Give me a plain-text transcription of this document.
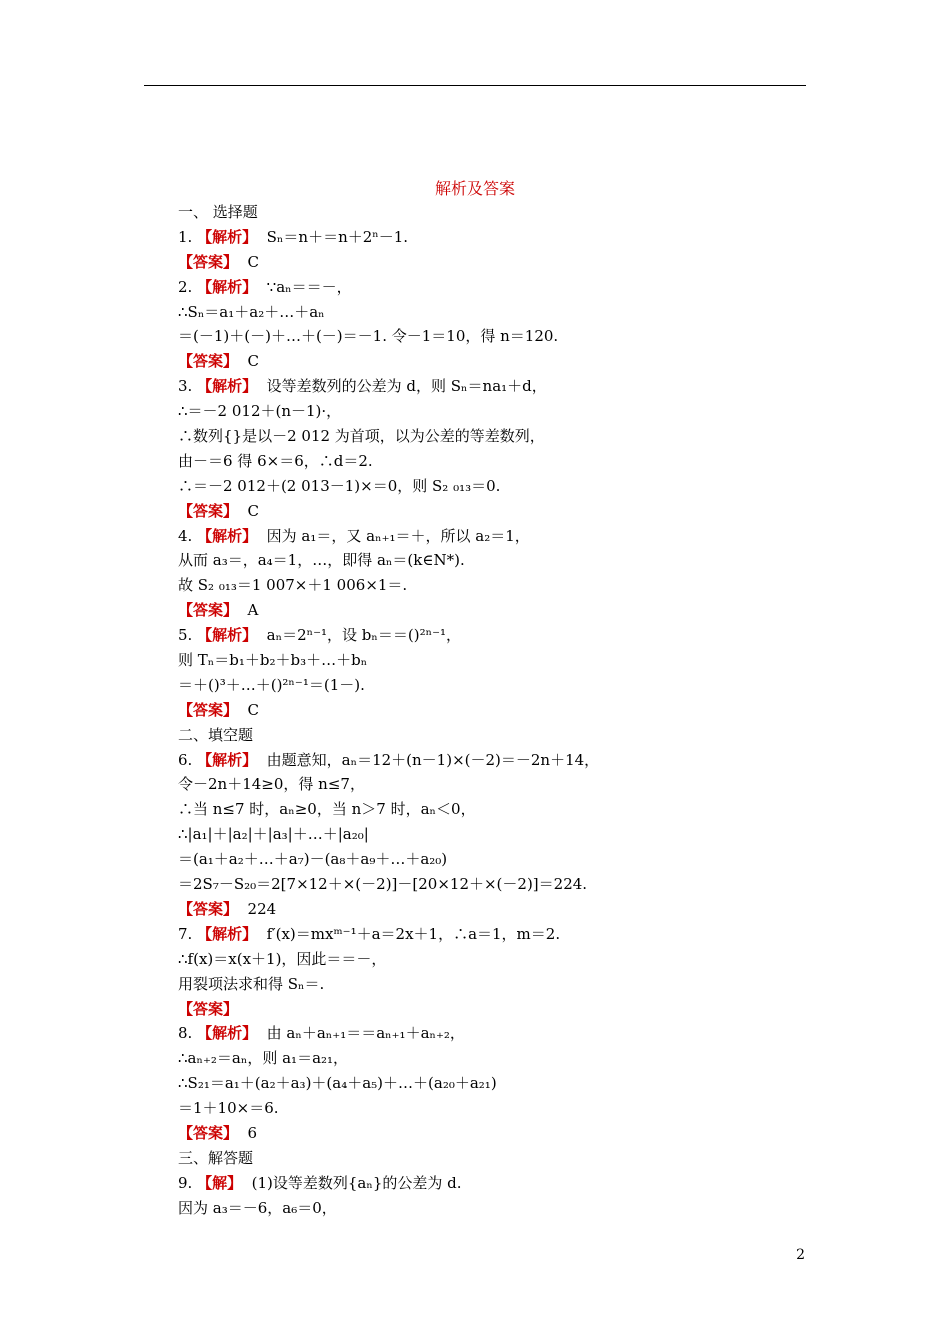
解析及答案
一、 选择题
1. 【解析】  Sₙ＝n＋＝n＋2ⁿ－1.
【答案】  C
2. 【解析】  ∵aₙ＝＝－，
∴Sₙ＝a₁＋a₂＋…＋aₙ
＝(－1)＋(－)＋…＋(－)＝－1. 令－1＝10，得 n＝120.
【答案】  C
3. 【解析】  设等差数列的公差为 d，则 Sₙ＝na₁＋d，
∴＝－2 012＋(n－1)·，
∴数列{}是以－2 012 为首项，以为公差的等差数列，
由－＝6 得 6×＝6，∴d＝2.
∴＝－2 012＋(2 013－1)×＝0，则 S₂ ₀₁₃＝0.
【答案】  C
4. 【解析】  因为 a₁＝，又 aₙ₊₁＝＋，所以 a₂＝1，
从而 a₃＝，a₄＝1，…，即得 aₙ＝(k∈N*).
故 S₂ ₀₁₃＝1 007×＋1 006×1＝.
【答案】  A
5. 【解析】  aₙ＝2ⁿ⁻¹，设 bₙ＝＝()²ⁿ⁻¹，
则 Tₙ＝b₁＋b₂＋b₃＋…＋bₙ
＝＋()³＋…＋()²ⁿ⁻¹＝(1－).
【答案】  C
二、填空题
6. 【解析】  由题意知，aₙ＝12＋(n－1)×(－2)＝－2n＋14，
令－2n＋14≥0，得 n≤7，
∴当 n≤7 时，aₙ≥0，当 n＞7 时，aₙ＜0，
∴|a₁|＋|a₂|＋|a₃|＋…＋|a₂₀|
＝(a₁＋a₂＋…＋a₇)－(a₈＋a₉＋…＋a₂₀)
＝2S₇－S₂₀＝2[7×12＋×(－2)]－[20×12＋×(－2)]＝224.
【答案】  224
7. 【解析】  f′(x)＝mxᵐ⁻¹＋a＝2x＋1，∴a＝1，m＝2.
∴f(x)＝x(x＋1)，因此＝＝－，
用裂项法求和得 Sₙ＝.
【答案】
8. 【解析】  由 aₙ＋aₙ₊₁＝＝aₙ₊₁＋aₙ₊₂，
∴aₙ₊₂＝aₙ，则 a₁＝a₂₁，
∴S₂₁＝a₁＋(a₂＋a₃)＋(a₄＋a₅)＋…＋(a₂₀＋a₂₁)
＝1＋10×＝6.
【答案】  6
三、解答题
9. 【解】  (1)设等差数列{aₙ}的公差为 d.
因为 a₃＝－6，a₆＝0，
2
